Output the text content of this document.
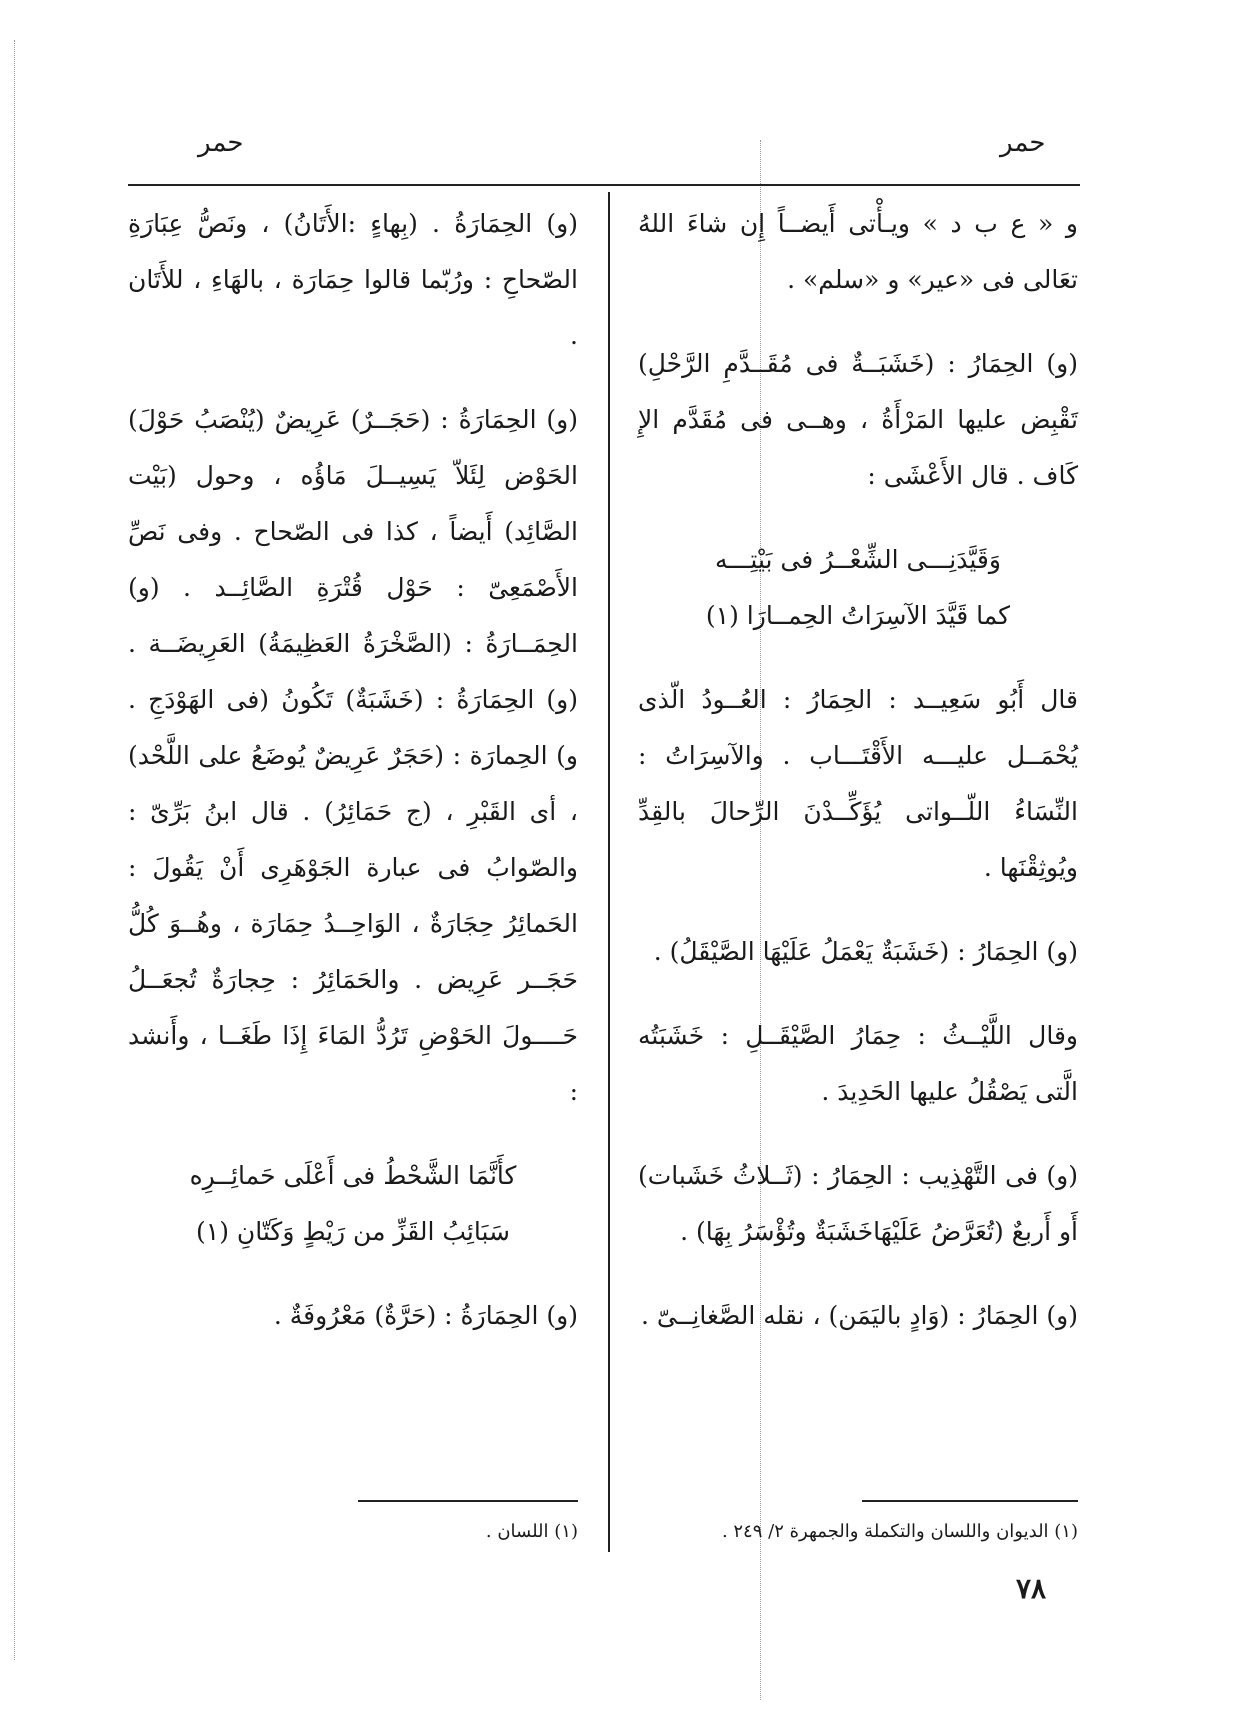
حمر
حمر

و « ع ب د » ويـأْتى أَيضــاً إِن شاءَ اللهُ تعَالى فى «عير» و «سلم» .

(و) الحِمَارُ : (خَشَبَــةٌ فى مُقَــدَّمِ الرَّحْلِ) تَقْبِض عليها المَرْأَةُ ، وهــى فى مُقَدَّم الإِ كَاف . قال الأَعْشَى :

وَقَيَّدَنِـــى الشِّعْــرُ فى بَيْتِـــه
كما قَيَّدَ الآسِرَاتُ الحِمــارَا (١)

قال أَبُو سَعِيــد : الحِمَارُ : العُــودُ الّذى يُحْمَــل عليـــه الأَقْتَـــاب . والآسِرَاتُ : النِّسَاءُ اللّــواتى يُؤَكِّــدْنَ الرِّحالَ بالقِدِّ ويُوثِقْنَها .

(و) الحِمَارُ : (خَشَبَةٌ يَعْمَلُ عَلَيْهَا الصَّيْقَلُ) .

وقال اللَّيْــثُ : حِمَارُ الصَّيْقَــلِ : خَشَبَتُه الَّتى يَصْقُلُ عليها الحَدِيدَ .

(و) فى التَّهْذِيب : الحِمَارُ : (ثَــلاثُ خَشَبات) أَو أَربعٌ (تُعَرَّضُ عَلَيْهَاخَشَبَةٌ وتُؤْسَرُ بِهَا) .

(و) الحِمَارُ : (وَادٍ باليَمَن) ، نقله الصَّغانِــىّ .

(و) الحِمَارَةُ . (بِهاءٍ :الأَتَانُ) ، ونَصُّ عِبَارَةِ الصّحاحِ : ورُبّما قالوا حِمَارَة ، بالهَاءِ ، للأَتَان .

(و) الحِمَارَةُ : (حَجَــرٌ) عَرِيضٌ (يُنْصَبُ حَوْلَ) الحَوْض لِئَلاّ يَسِيــلَ مَاؤُه ، وحول (بَيْت الصَّائِد) أَيضاً ، كذا فى الصّحاح . وفى نَصِّ الأَصْمَعِىّ : حَوْل قُتْرَةِ الصَّائِــد . (و) الحِمَــارَةُ : (الصَّخْرَةُ العَظِيمَةُ) العَرِيضَــة . (و) الحِمَارَةُ : (خَشَبَةٌ) تَكُونُ (فى الهَوْدَجِ . و) الحِمارَة : (حَجَرٌ عَرِيضٌ يُوضَعُ على اللَّحْد) ، أى القَبْرِ ، (ج حَمَائِرُ) . قال ابنُ بَرِّىّ : والصّوابُ فى عبارة الجَوْهَرِى أَنْ يَقُولَ : الحَمائِرُ حِجَارَةٌ ، الوَاحِــدُ حِمَارَة ، وهُــوَ كُلُّ حَجَــر عَرِيض . والحَمَائِرُ : حِجارَةٌ تُجعَــلُ حَــــولَ الحَوْضِ تَرُدُّ المَاءَ إِذَا طَغَــا ، وأَنشد :

كأَنَّمَا الشَّحْطُ فى أَعْلَى حَمائِــرِه
سَبَائِبُ القَزِّ من رَيْطٍ وَكَتّانِ (١)

(و) الحِمَارَةُ : (حَرَّةٌ) مَعْرُوفَةٌ .

(١) الديوان واللسان والتكملة والجمهرة ٢/ ٢٤٩ .
(١) اللسان .
٧٨
